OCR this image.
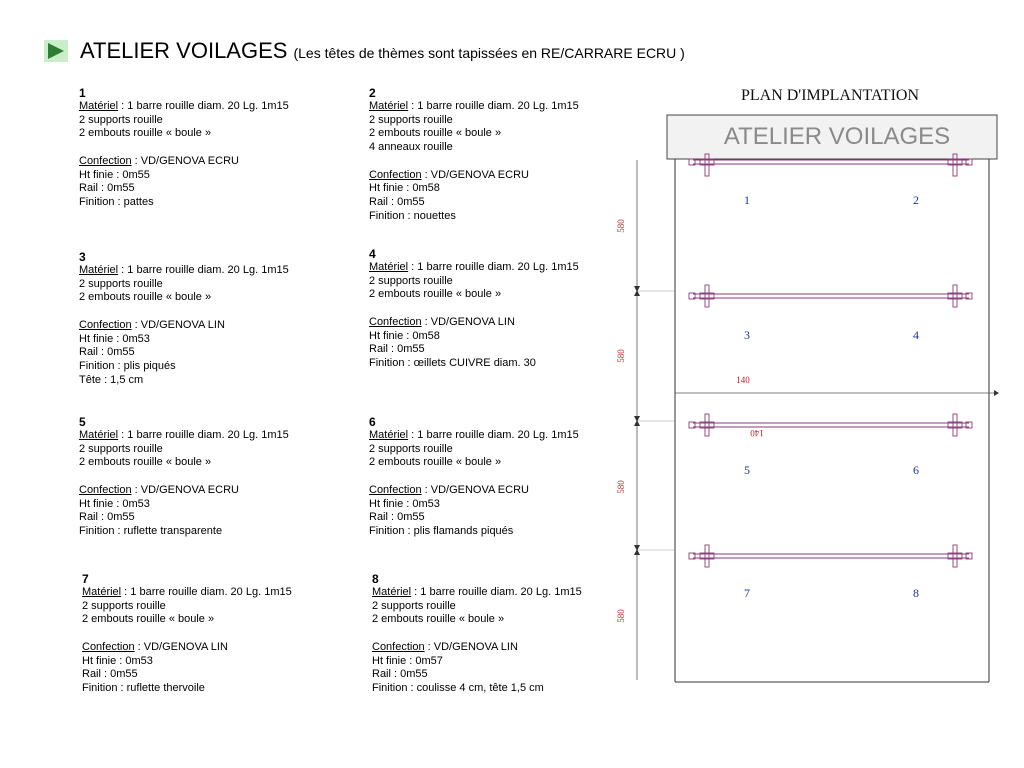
ATELIER VOILAGES (Les têtes de thèmes sont tapissées en RE/CARRARE ECRU )
1
Matériel : 1 barre rouille diam. 20 Lg. 1m15
2 supports rouille
2 embouts rouille « boule »
Confection : VD/GENOVA ECRU
Ht finie : 0m55
Rail : 0m55
Finition : pattes
2
Matériel : 1 barre rouille diam. 20 Lg. 1m15
2 supports rouille
2 embouts rouille « boule »
4 anneaux rouille
Confection : VD/GENOVA ECRU
Ht finie : 0m58
Rail : 0m55
Finition : nouettes
3
Matériel : 1 barre rouille diam. 20 Lg. 1m15
2 supports rouille
2 embouts rouille « boule »
Confection : VD/GENOVA LIN
Ht finie : 0m53
Rail : 0m55
Finition : plis piqués
Tête : 1,5 cm
4
Matériel : 1 barre rouille diam. 20 Lg. 1m15
2 supports rouille
2 embouts rouille « boule »
Confection : VD/GENOVA LIN
Ht finie : 0m58
Rail : 0m55
Finition : œillets CUIVRE diam. 30
5
Matériel : 1 barre rouille diam. 20 Lg. 1m15
2 supports rouille
2 embouts rouille « boule »
Confection : VD/GENOVA ECRU
Ht finie : 0m53
Rail : 0m55
Finition : ruflette transparente
6
Matériel : 1 barre rouille diam. 20 Lg. 1m15
2 supports rouille
2 embouts rouille « boule »
Confection : VD/GENOVA ECRU
Ht finie : 0m53
Rail : 0m55
Finition : plis flamands piqués
7
Matériel : 1 barre rouille diam. 20 Lg. 1m15
2 supports rouille
2 embouts rouille « boule »
Confection : VD/GENOVA LIN
Ht finie : 0m53
Rail : 0m55
Finition : ruflette thervoile
8
Matériel : 1 barre rouille diam. 20 Lg. 1m15
2 supports rouille
2 embouts rouille « boule »
Confection : VD/GENOVA LIN
Ht finie : 0m57
Rail : 0m55
Finition : coulisse 4 cm, tête 1,5 cm
PLAN D'IMPLANTATION
ATELIER VOILAGES
580
580
580
580
140
140
1	2
3	4
5	6
7	8
